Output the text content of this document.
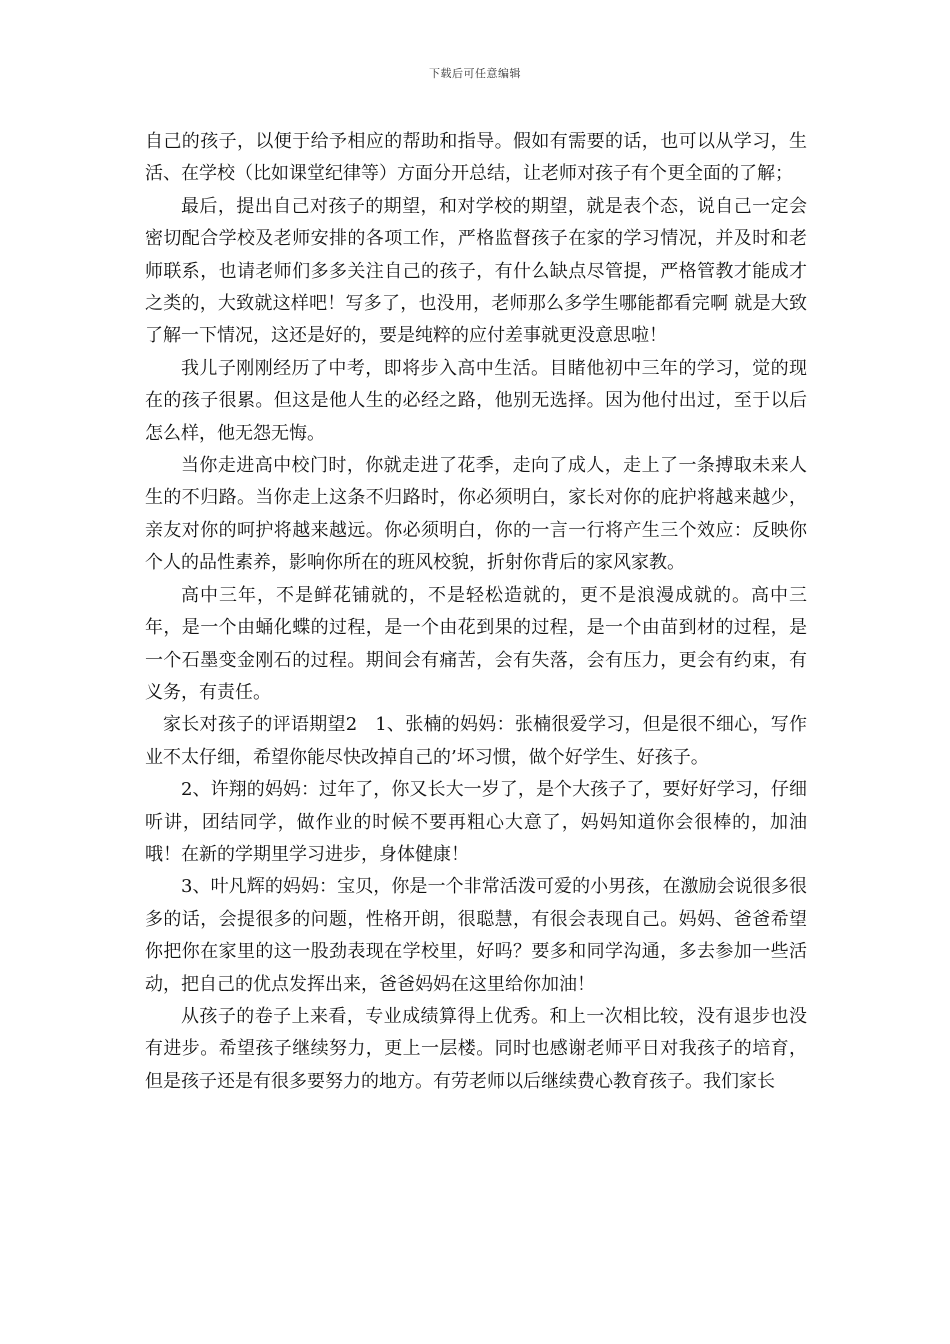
下载后可任意编辑

自己的孩子，以便于给予相应的帮助和指导。假如有需要的话，也可以从学习，生活、在学校（比如课堂纪律等）方面分开总结，让老师对孩子有个更全面的了解；

最后，提出自己对孩子的期望，和对学校的期望，就是表个态，说自己一定会密切配合学校及老师安排的各项工作，严格监督孩子在家的学习情况，并及时和老师联系，也请老师们多多关注自己的孩子，有什么缺点尽管提，严格管教才能成才之类的，大致就这样吧！写多了，也没用，老师那么多学生哪能都看完啊 就是大致了解一下情况，这还是好的，要是纯粹的应付差事就更没意思啦！

我儿子刚刚经历了中考，即将步入高中生活。目睹他初中三年的学习，觉的现在的孩子很累。但这是他人生的必经之路，他别无选择。因为他付出过，至于以后怎么样，他无怨无悔。

当你走进高中校门时，你就走进了花季，走向了成人，走上了一条搏取未来人生的不归路。当你走上这条不归路时，你必须明白，家长对你的庇护将越来越少，亲友对你的呵护将越来越远。你必须明白，你的一言一行将产生三个效应：反映你个人的品性素养，影响你所在的班风校貌，折射你背后的家风家教。

高中三年，不是鲜花铺就的，不是轻松造就的，更不是浪漫成就的。高中三年，是一个由蛹化蝶的过程，是一个由花到果的过程，是一个由苗到材的过程，是一个石墨变金刚石的过程。期间会有痛苦，会有失落，会有压力，更会有约束，有义务，有责任。

家长对孩子的评语期望2   1、张楠的妈妈：张楠很爱学习，但是很不细心，写作业不太仔细，希望你能尽快改掉自己的’坏习惯，做个好学生、好孩子。

2、许翔的妈妈：过年了，你又长大一岁了，是个大孩子了，要好好学习，仔细听讲，团结同学，做作业的时候不要再粗心大意了，妈妈知道你会很棒的，加油哦！在新的学期里学习进步，身体健康！

3、叶凡辉的妈妈：宝贝，你是一个非常活泼可爱的小男孩，在激励会说很多很多的话，会提很多的问题，性格开朗，很聪慧，有很会表现自己。妈妈、爸爸希望你把你在家里的这一股劲表现在学校里，好吗？要多和同学沟通，多去参加一些活动，把自己的优点发挥出来，爸爸妈妈在这里给你加油！

从孩子的卷子上来看，专业成绩算得上优秀。和上一次相比较，没有退步也没有进步。希望孩子继续努力，更上一层楼。同时也感谢老师平日对我孩子的培育，但是孩子还是有很多要努力的地方。有劳老师以后继续费心教育孩子。我们家长
